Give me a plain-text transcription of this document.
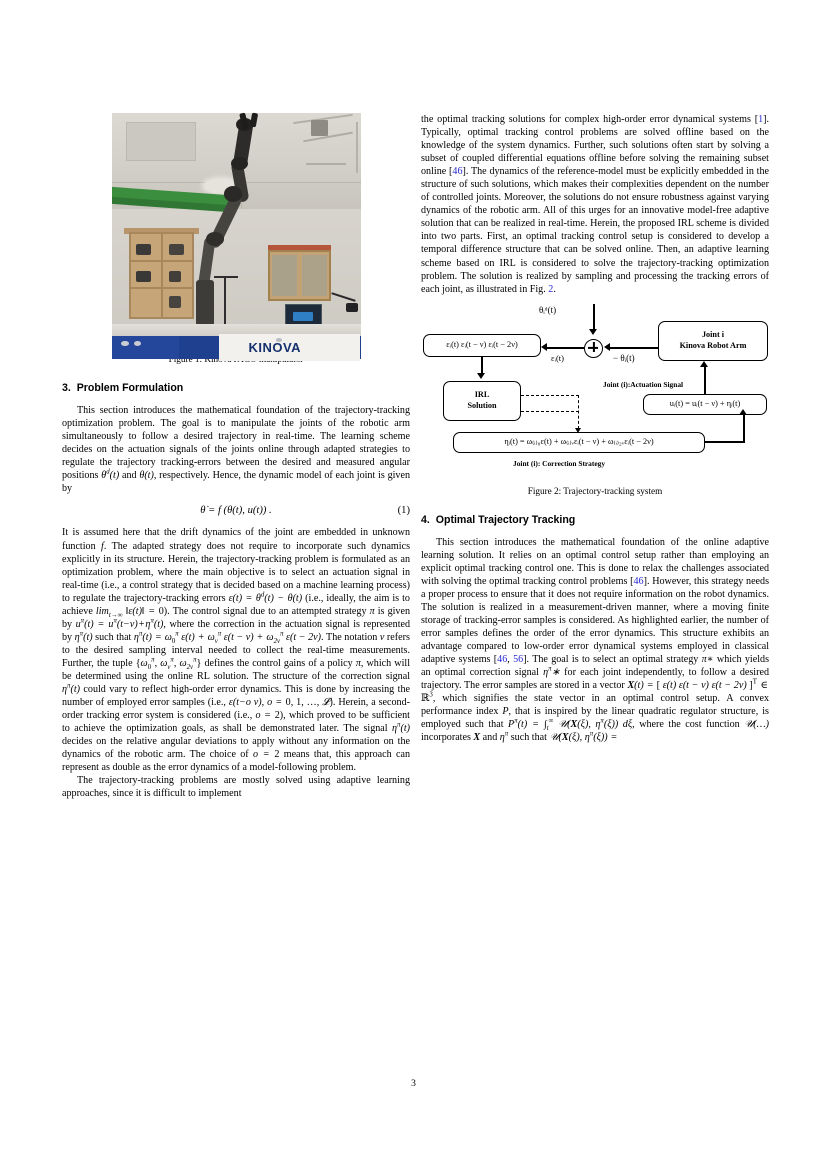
KINOVA
3. Problem Formulation

This section introduces the mathematical foundation of the trajectory-tracking optimization problem. The goal is to manipulate the joints of the robotic arm simultaneously to follow a desired trajectory in real-time. The learning scheme decides on the actuation signals of the joints online through adapted strategies to regulate the trajectory tracking-errors between the desired and measured angular positions $\theta^d(t)$ and θ(t), respectively. Hence, the dynamic model of each joint is given by

θ̇ = f (θ(t), u(t)) .	(1)

It is assumed here that the drift dynamics of the joint are embedded in unknown function f. The adapted strategy does not require to incorporate such dynamics explicitly in its structure. Herein, the trajectory-tracking problem is formulated as an optimization problem, where the main objective is to select an actuation signal in real-time (i.e., a control strategy that is decided based on a machine learning process) to regulate the trajectory-tracking errors $\varepsilon(t) = \theta^d(t) - \theta(t)$ (i.e., ideally, the aim is to achieve $\lim_{t\to\infty}$ ‖ε(t)‖ = 0). The control signal due to an attempted strategy π is given by $u^\pi(t) = u^\pi(t-\nu)+\eta^\pi(t)$, where the correction in the actuation signal is represented by $\eta^\pi(t)$ such that $\eta^\pi(t) = \omega_0^\pi$ $\varepsilon(t) + \omega_\nu^\pi$ $\varepsilon(t - \nu) + \omega_{2\nu}^\pi$ ε(t − 2ν). The notation ν refers to the desired sampling interval needed to collect the real-time measurements. Further, the tuple {$\omega_0^\pi$, $\omega_\nu^\pi$, $\omega_{2\nu}^\pi$} defines the control gains of a policy π, which will be determined using the online RL solution. The structure of the correction signal $\eta^\pi(t)$ could vary to reflect high-order error dynamics. This is done by increasing the number of employed error samples (i.e., ε(t−o ν), o = 0, 1, …, 𝓛). Herein, a second-order tracking error system is considered (i.e., o = 2), which proved to be sufficient to achieve the optimization goals, as shall be demonstrated later. The signal $\eta^\pi(t)$ decides on the relative angular deviations to apply without any information on the dynamics of the robotic arm. The choice of o = 2 means that, this approach can represent as double as the error dynamics of a model-following problem.

The trajectory-tracking problems are mostly solved using adaptive learning approaches, since it is difficult to implement

the optimal tracking solutions for complex high-order error dynamical systems [1]. Typically, optimal tracking control problems are solved offline based on the knowledge of the system dynamics. Further, such solutions often start by solving a subset of coupled differential equations offline before solving the remaining subset online [46]. The dynamics of the reference-model must be explicitly embedded in the structure of such solutions, which makes their complexities dependent on the number of controlled joints. Moreover, the solutions do not ensure robustness against varying dynamics of the robotic arm. All of this urges for an innovative model-free adaptive solution that can be realized in real-time. Herein, the proposed IRL scheme is divided into two parts. First, an optimal tracking control setup is considered to develop a temporal difference structure that can be solved online. Then, an adaptive learning scheme based on IRL is considered to solve the trajectory-tracking optimization problem. The solution is realized by sampling and processing the tracking errors of each joint, as illustrated in Fig. 2.

θᵢᵈ(t)
Joint i
Kinova Robot Arm
− θᵢ(t)
εᵢ(t) εᵢ(t − ν) εᵢ(t − 2ν)
εᵢ(t)
IRL
Solution
Joint (i):Actuation Signal
uᵢ(t) = uᵢ(t − ν) + ηᵢ(t)
ηᵢ(t) = ω₍ᵢ₎₀ε(t) + ω₍ᵢ₎ᵥεᵢ(t − ν) + ω₍ᵢ₎₂ᵥεᵢ(t − 2ν)
Joint (i): Correction Strategy
Figure 2: Trajectory-tracking system
4. Optimal Trajectory Tracking

This section introduces the mathematical foundation of the online adaptive learning solution. It relies on an optimal control setup rather than employing an explicit optimal tracking control one. This is done to relax the challenges associated with solving the optimal tracking control problems [46]. However, this strategy needs a proper process to ensure that it does not require information on the robot dynamics. The solution is realized in a measurement-driven manner, where a moving finite storage of tracking-error samples is considered. As highlighted earlier, the number of error samples defines the order of the error dynamics. This structure exhibits an advantage compared to low-order error dynamical systems employed in classical adaptive systems [46, 56]. The goal is to select an optimal strategy π∗ which yields an optimal correction signal $\eta^\pi∗$ for each joint independently, to follow a desired trajectory. The error samples are stored in a vector X(t) = [ ε(t) ε(t − ν) ε(t − 2ν) ]$^T$ ∈ ℝ$^3$, which signifies the state vector in an optimal control setup. A convex performance index P, that is inspired by the linear quadratic regulator structure, is employed such that $P^\pi(t) = \int_t^\infty$ 𝒰(X(ξ), $\eta^\pi(\xi)$) dξ, where the cost function 𝒰(…) incorporates X and $\eta^\pi$ such that 𝒰(X(ξ), $\eta^\pi(\xi)$) =

3
